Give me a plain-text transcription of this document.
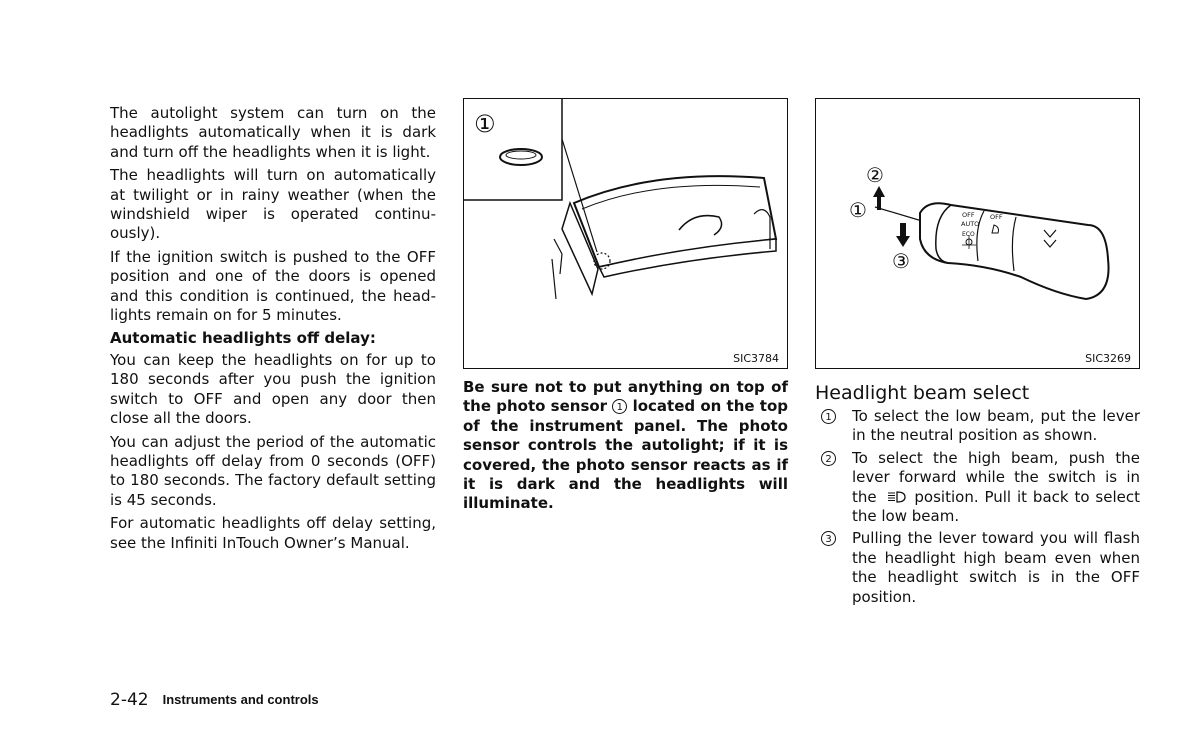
The autolight system can turn on the headlights automatically when it is dark and turn off the headlights when it is light.

The headlights will turn on automatically at twilight or in rainy weather (when the windshield wiper is operated continuously).

If the ignition switch is pushed to the OFF position and one of the doors is opened and this condition is continued, the headlights remain on for 5 minutes.

Automatic headlights off delay:

You can keep the headlights on for up to 180 seconds after you push the ignition switch to OFF and open any door then close all the doors.

You can adjust the period of the automatic headlights off delay from 0 seconds (OFF) to 180 seconds. The factory default setting is 45 seconds.

For automatic headlights off delay setting, see the Infiniti InTouch Owner’s Manual.

①
SIC3784
Be sure not to put anything on top of the photo sensor 1 located on the top of the instrument panel. The photo sensor controls the autolight; if it is covered, the photo sensor reacts as if it is dark and the headlights will illuminate.
②
①
③
OFF
AUTO
OFF
ECO
SIC3269
Headlight beam select
1 To select the low beam, put the lever in the neutral position as shown.
2 To select the high beam, push the lever forward while the switch is in the	position. Pull it back to select the low beam.
3 Pulling the lever toward you will flash the headlight high beam even when the headlight switch is in the OFF position.
2-42 Instruments and controls
